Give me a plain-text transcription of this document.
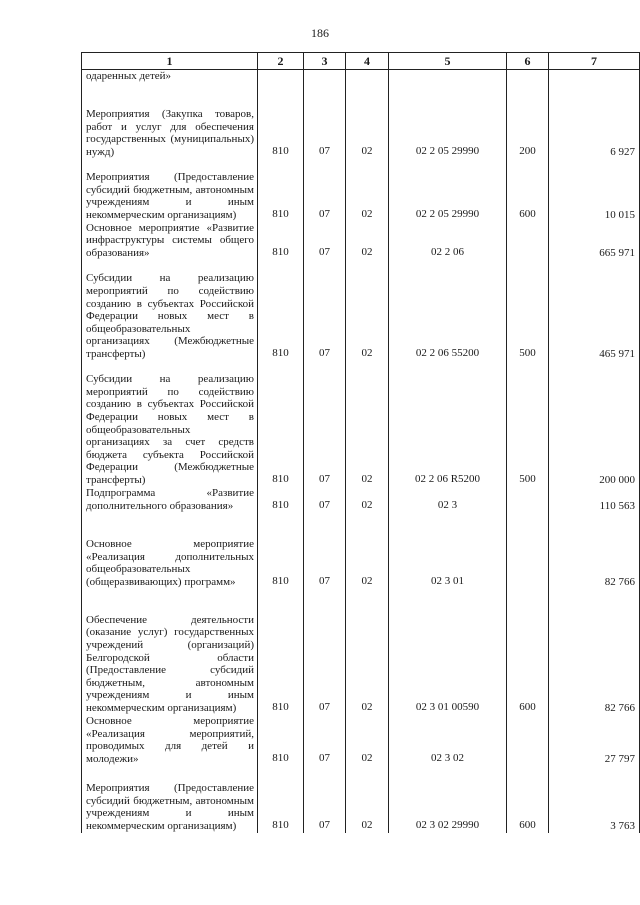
186
1	2	3	4	5	6	7
одаренных детей»						
Мероприятия (Закупка товаров, работ и услуг для обеспечения государственных (муниципальных) нужд)	810	07	02	02 2 05 29990	200	6 927
Мероприятия (Предоставление субсидий бюджетным, автономным учреждениям и иным некоммерческим организациям)	810	07	02	02 2 05 29990	600	10 015
Основное мероприятие «Развитие инфраструктуры системы общего образования»	810	07	02	02 2 06		665 971
Субсидии на реализацию мероприятий по содействию созданию в субъектах Российской Федерации новых мест в общеобразовательных организациях (Межбюджетные трансферты)	810	07	02	02 2 06 55200	500	465 971
Субсидии на реализацию мероприятий по содействию созданию в субъектах Российской Федерации новых мест в общеобразовательных организациях за счет средств бюджета субъекта Российской Федерации (Межбюджетные трансферты)	810	07	02	02 2 06 R5200	500	200 000
Подпрограмма «Развитие дополнительного образования»	810	07	02	02 3		110 563
Основное мероприятие «Реализация дополнительных общеобразовательных (общеразвивающих) программ»	810	07	02	02 3 01		82 766
Обеспечение деятельности (оказание услуг) государственных учреждений (организаций) Белгородской области (Предоставление субсидий бюджетным, автономным учреждениям и иным некоммерческим организациям)	810	07	02	02 3 01 00590	600	82 766
Основное мероприятие «Реализация мероприятий, проводимых для детей и молодежи»	810	07	02	02 3 02		27 797
Мероприятия (Предоставление субсидий бюджетным, автономным учреждениям и иным некоммерческим организациям)	810	07	02	02 3 02 29990	600	3 763
